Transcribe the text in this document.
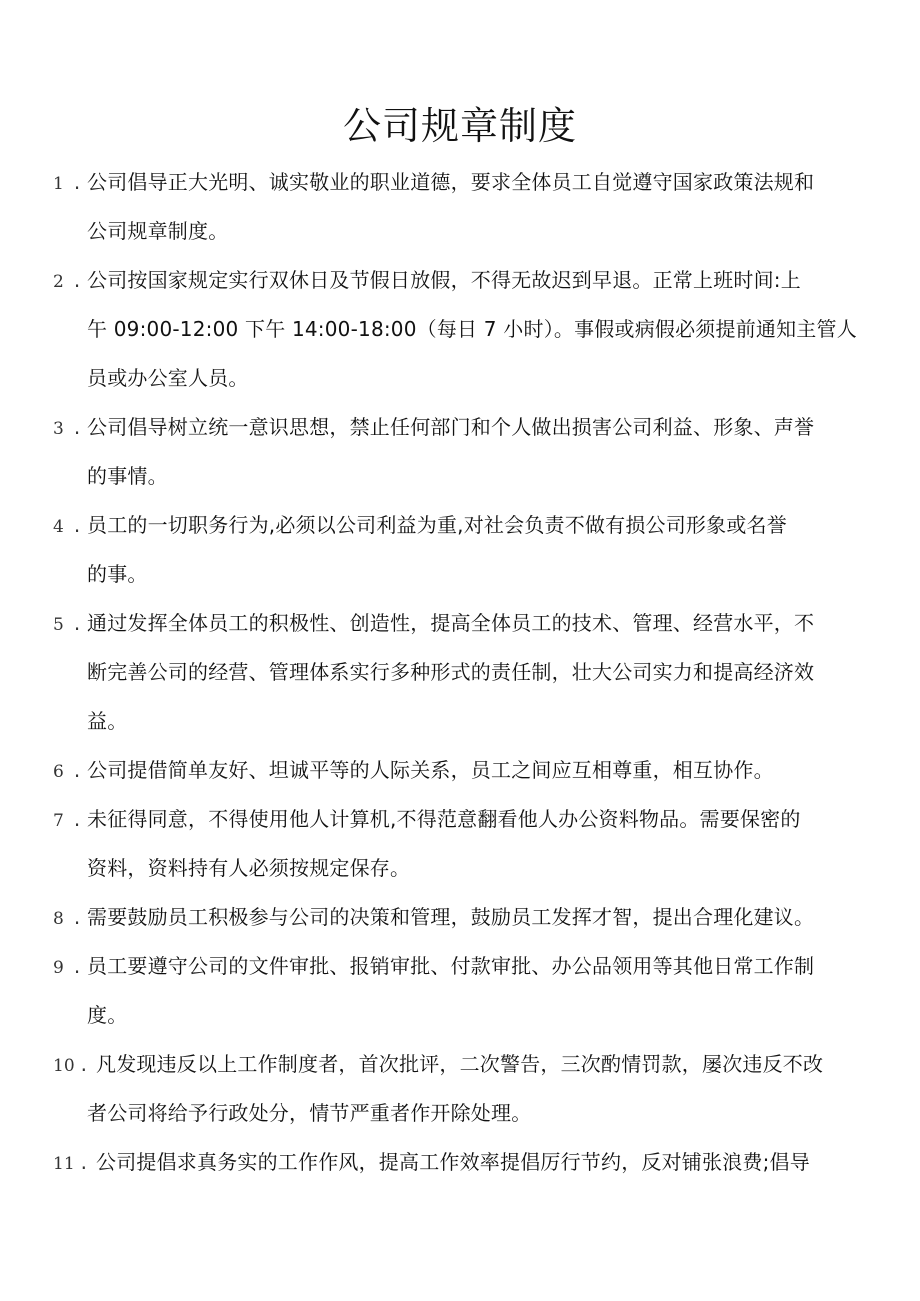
公司规章制度
1 . 公司倡导正大光明、诚实敬业的职业道德，要求全体员工自觉遵守国家政策法规和
公司规章制度。
2 . 公司按国家规定实行双休日及节假日放假，不得无故迟到早退。正常上班时间:上
午 09:00-12:00 下午 14:00-18:00（每日 7 小时）。事假或病假必须提前通知主管人
员或办公室人员。
3 . 公司倡导树立统一意识思想，禁止任何部门和个人做出损害公司利益、形象、声誉
的事情。
4 . 员工的一切职务行为,必须以公司利益为重,对社会负责不做有损公司形象或名誉
的事。
5 . 通过发挥全体员工的积极性、创造性，提高全体员工的技术、管理、经营水平，不
断完善公司的经营、管理体系实行多种形式的责任制，壮大公司实力和提高经济效
益。
6 . 公司提借简单友好、坦诚平等的人际关系，员工之间应互相尊重，相互协作。
7 . 未征得同意，不得使用他人计算机,不得范意翻看他人办公资料物品。需要保密的
资料，资料持有人必须按规定保存。
8 . 需要鼓励员工积极参与公司的决策和管理，鼓励员工发挥才智，提出合理化建议。
9 . 员工要遵守公司的文件审批、报销审批、付款审批、办公品领用等其他日常工作制
度。
10 . 凡发现违反以上工作制度者，首次批评，二次警告，三次酌情罚款，屡次违反不改
者公司将给予行政处分，情节严重者作开除处理。
11 . 公司提倡求真务实的工作作风，提高工作效率提倡厉行节约，反对铺张浪费;倡导
